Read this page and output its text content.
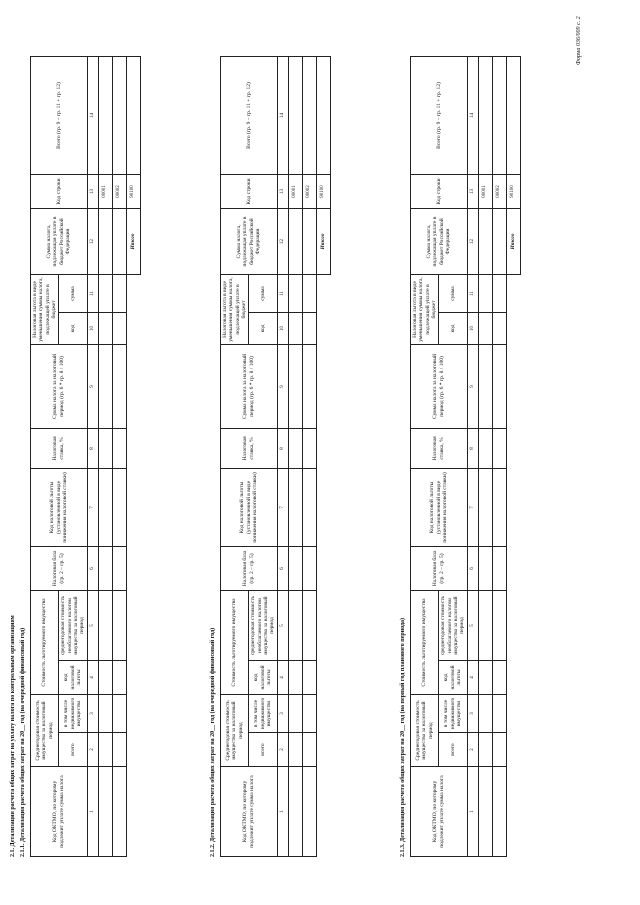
Форма 036/009 с. 2
2.1. Детализация расчета общих затрат на уплату налога по контрольным организациям 2.1.1. Детализация расчета общих затрат на 20__ год (на очередной финансовый год)	Код ОКТМО, по которому подлежит уплате сумма налога	Среднегодовая стоимость имущества за налоговый период		Стоимость льготируемого имущества		Налоговая база (гр. 2 – гр. 5)	Код налоговой льготы (установленной в виде понижения налоговой ставки)	Налоговая ставка, %	Сумма налога за налоговый период (гр. 6 * гр. 8 / 100)	Налоговая льгота в виде уменьшения суммы налога, подлежащей уплате в бюджет		Сумма налога, подлежащая уплате в бюджет Российской Федерации	Код строки	Всего (гр. 9 – гр. 11 + гр. 12)
	всего	в том числе недвижимого имущества	код налоговой льготы	среднегодовая стоимость необлагаемого налогом имущества за налоговый период					код	сумма			
1	2	3	4	5	6	7	8	9	10	11	12	13	14
												00001	
												00002	
											Итого	90100	
2.1.2. Детализация расчета общих затрат на 20__ год (на очередной финансовый год)	Код ОКТМО, по которому подлежит уплате сумма налога	Среднегодовая стоимость имущества за налоговый период		Стоимость льготируемого имущества		Налоговая база (гр. 2 – гр. 5)	Код налоговой льготы (установленной в виде понижения налоговой ставки)	Налоговая ставка, %	Сумма налога за налоговый период (гр. 6 * гр. 8 / 100)	Налоговая льгота в виде уменьшения суммы налога, подлежащей уплате в бюджет		Сумма налога, подлежащая уплате в бюджет Российской Федерации	Код строки	Всего (гр. 9 – гр. 11 + гр. 12)
	всего	в том числе недвижимого имущества	код налоговой льготы	среднегодовая стоимость необлагаемого налогом имущества за налоговый период					код	сумма			
1	2	3	4	5	6	7	8	9	10	11	12	13	14
												00001	
												00002	
											Итого	90100	
2.1.3. Детализация расчета общих затрат на 20__ год (на первый год планового периода)	Код ОКТМО, по которому подлежит уплате сумма налога	Среднегодовая стоимость имущества за налоговый период		Стоимость льготируемого имущества		Налоговая база (гр. 2 – гр. 5)	Код налоговой льготы (установленной в виде понижения налоговой ставки)	Налоговая ставка, %	Сумма налога за налоговый период (гр. 6 * гр. 8 / 100)	Налоговая льгота в виде уменьшения суммы налога, подлежащей уплате в бюджет		Сумма налога, подлежащая уплате в бюджет Российской Федерации	Код строки	Всего (гр. 9 – гр. 11 + гр. 12)
	всего	в том числе недвижимого имущества	код налоговой льготы	среднегодовая стоимость необлагаемого налогом имущества за налоговый период					код	сумма			
1	2	3	4	5	6	7	8	9	10	11	12	13	14
												00001	
												00002	
											Итого	90100	
